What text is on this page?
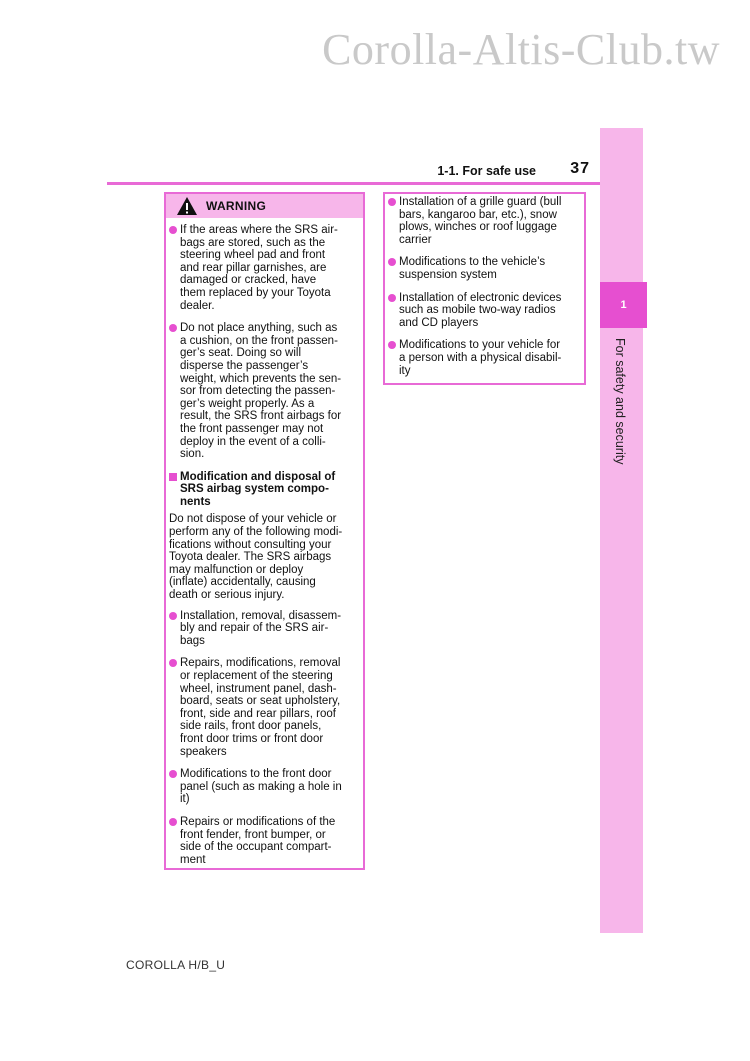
Corolla-Altis-Club.tw
1-1. For safe use 37
1
For safety and security
WARNING
If the areas where the SRS air-
bags are stored, such as the
steering wheel pad and front
and rear pillar garnishes, are
damaged or cracked, have
them replaced by your Toyota
dealer.
Do not place anything, such as
a cushion, on the front passen-
ger’s seat. Doing so will
disperse the passenger’s
weight, which prevents the sen-
sor from detecting the passen-
ger’s weight properly. As a
result, the SRS front airbags for
the front passenger may not
deploy in the event of a colli-
sion.
Modification and disposal of
SRS airbag system compo-
nents
Do not dispose of your vehicle or
perform any of the following modi-
fications without consulting your
Toyota dealer. The SRS airbags
may malfunction or deploy
(inflate) accidentally, causing
death or serious injury.
Installation, removal, disassem-
bly and repair of the SRS air-
bags
Repairs, modifications, removal
or replacement of the steering
wheel, instrument panel, dash-
board, seats or seat upholstery,
front, side and rear pillars, roof
side rails, front door panels,
front door trims or front door
speakers
Modifications to the front door
panel (such as making a hole in
it)
Repairs or modifications of the
front fender, front bumper, or
side of the occupant compart-
ment
Installation of a grille guard (bull
bars, kangaroo bar, etc.), snow
plows, winches or roof luggage
carrier
Modifications to the vehicle’s
suspension system
Installation of electronic devices
such as mobile two-way radios
and CD players
Modifications to your vehicle for
a person with a physical disabil-
ity
COROLLA H/B_U
